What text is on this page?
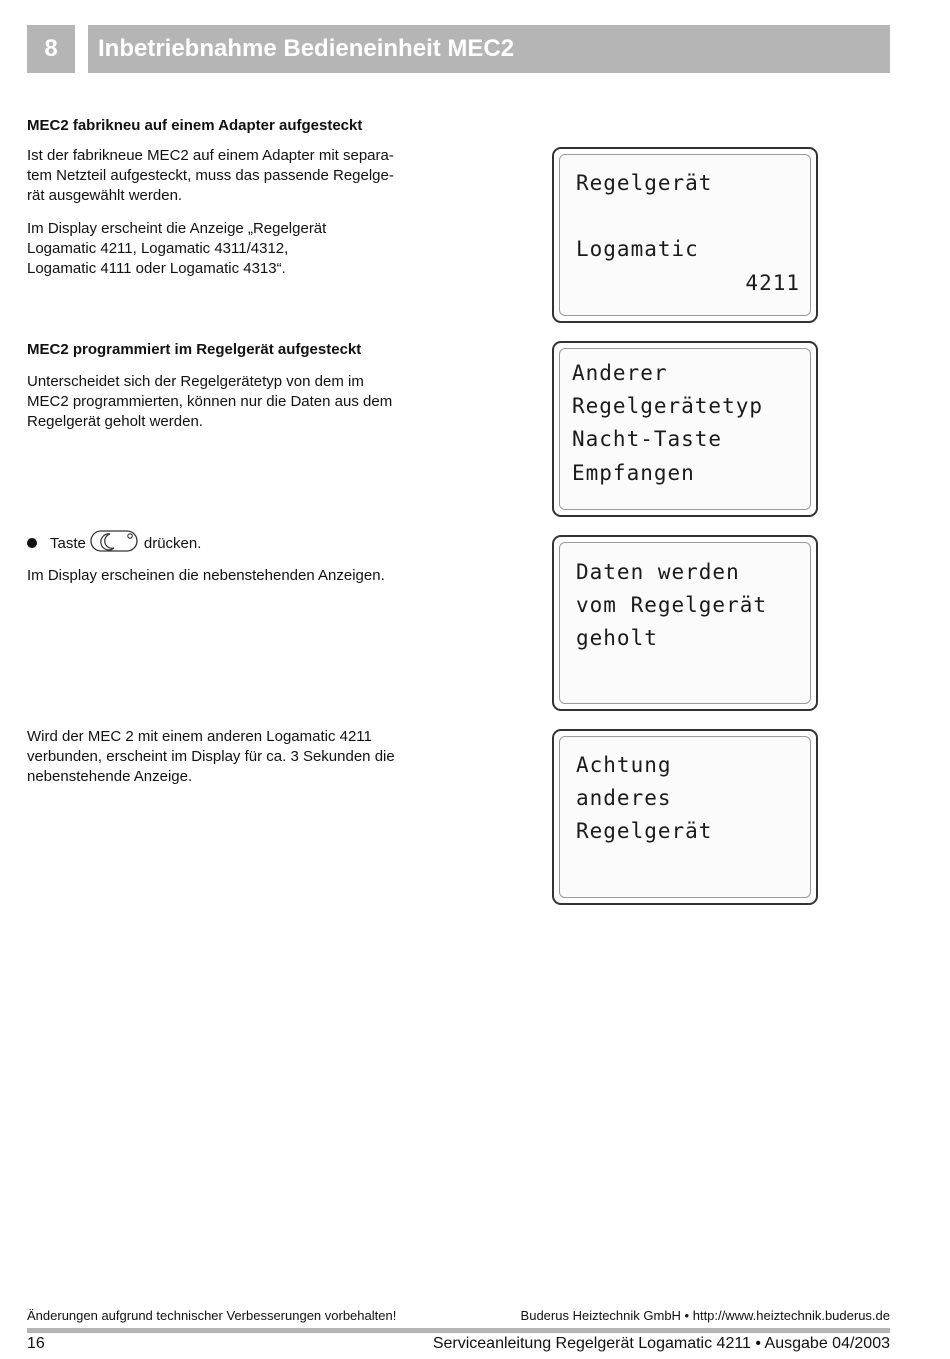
8	Inbetriebnahme Bedieneinheit MEC2
MEC2 fabrikneu auf einem Adapter aufgesteckt
Ist der fabrikneue MEC2 auf einem Adapter mit separa-
tem Netzteil aufgesteckt, muss das passende Regelge-
rät ausgewählt werden.
Im Display erscheint die Anzeige „Regelgerät
Logamatic 4211, Logamatic 4311/4312,
Logamatic 4111 oder Logamatic 4313“.
MEC2 programmiert im Regelgerät aufgesteckt
Unterscheidet sich der Regelgerätetyp von dem im
MEC2 programmierten, können nur die Daten aus dem
Regelgerät geholt werden.
Taste	drücken.
Im Display erscheinen die nebenstehenden Anzeigen.
Wird der MEC 2 mit einem anderen Logamatic 4211
verbunden, erscheint im Display für ca. 3 Sekunden die
nebenstehende Anzeige.
Regelgerät
Logamatic
4211
Anderer
Regelgerätetyp
Nacht-Taste
Empfangen
Daten werden
vom Regelgerät
geholt
Achtung
anderes
Regelgerät
Änderungen aufgrund technischer Verbesserungen vorbehalten!	Buderus Heiztechnik GmbH • http://www.heiztechnik.buderus.de
16	Serviceanleitung Regelgerät Logamatic 4211 • Ausgabe 04/2003
